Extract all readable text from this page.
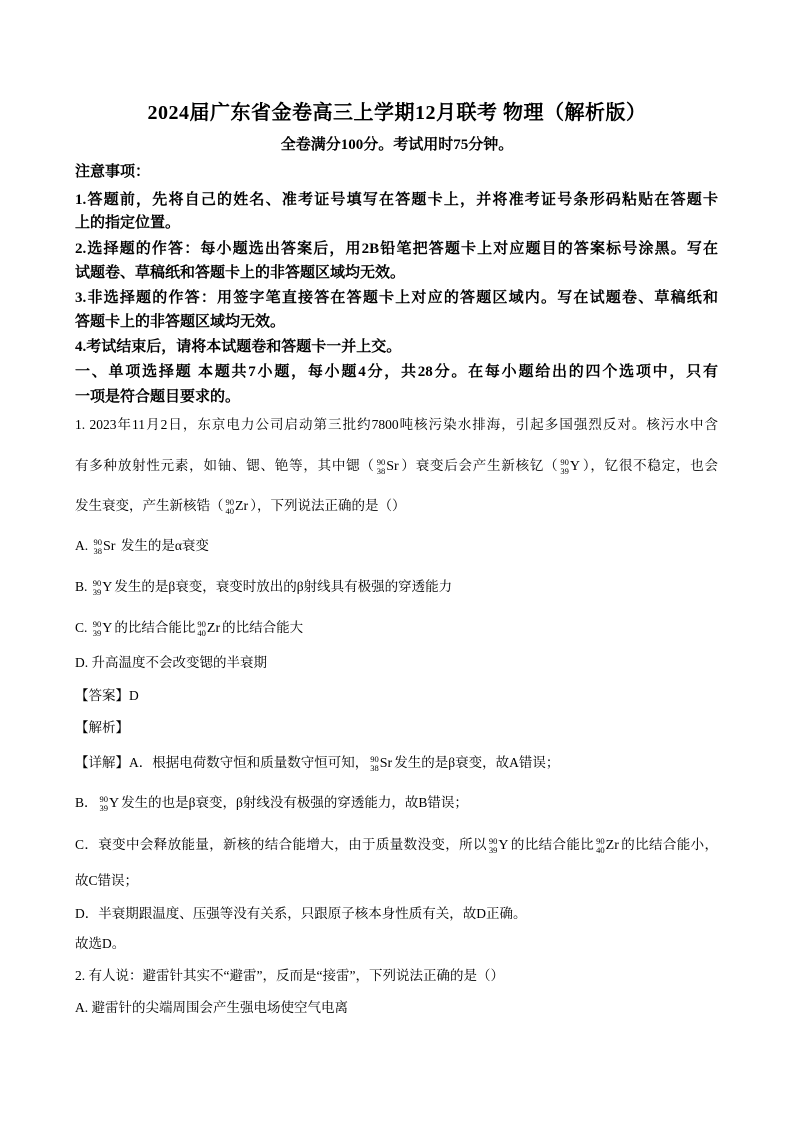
2024届广东省金卷高三上学期12月联考 物理（解析版）
全卷满分100分。考试用时75分钟。
注意事项：
1.答题前，先将自己的姓名、准考证号填写在答题卡上，并将准考证号条形码粘贴在答题卡
上的指定位置。
2.选择题的作答：每小题选出答案后，用2B铅笔把答题卡上对应题目的答案标号涂黑。写在
试题卷、草稿纸和答题卡上的非答题区域均无效。
3.非选择题的作答：用签字笔直接答在答题卡上对应的答题区域内。写在试题卷、草稿纸和
答题卡上的非答题区域均无效。
4.考试结束后，请将本试题卷和答题卡一并上交。
一、单项选择题 本题共7小题，每小题4分，共28分。在每小题给出的四个选项中，只有
一项是符合题目要求的。
1. 2023年11月2日，东京电力公司启动第三批约7800吨核污染水排海，引起多国强烈反对。核污水中含
有多种放射性元素，如铀、锶、铯等，其中锶（ 90
38 Sr ）衰变后会产生新核钇（ 90
39 Y ），钇很不稳定，也会
发生衰变，产生新核锆（ 90
40 Zr ），下列说法正确的是（）
A. 90
38 Sr 发生的是α衰变
B. 90
39 Y 发生的是β衰变，衰变时放出的β射线具有极强的穿透能力
C. 90
39 Y 的比结合能比 90
40 Zr 的比结合能大
D. 升高温度不会改变锶的半衰期
【答案】D
【解析】
【详解】A．根据电荷数守恒和质量数守恒可知， 90
38 Sr 发生的是β衰变，故A错误；
B． 90
39 Y 发生的也是β衰变，β射线没有极强的穿透能力，故B错误；
C．衰变中会释放能量，新核的结合能增大，由于质量数没变，所以 90
39 Y 的比结合能比 90
40 Zr 的比结合能小，
故C错误；
D．半衰期跟温度、压强等没有关系，只跟原子核本身性质有关，故D正确。
故选D。
2. 有人说：避雷针其实不“避雷”，反而是“接雷”，下列说法正确的是（）
A. 避雷针的尖端周围会产生强电场使空气电离
